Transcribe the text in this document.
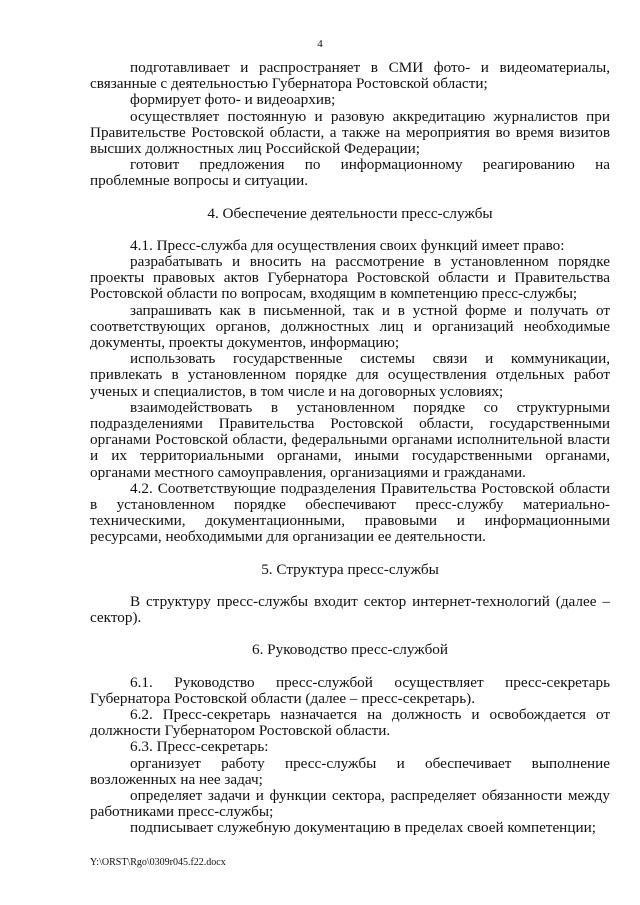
4

подготавливает и распространяет в СМИ фото- и видеоматериалы, связанные с деятельностью Губернатора Ростовской области;

формирует фото- и видеоархив;

осуществляет постоянную и разовую аккредитацию журналистов при Правительстве Ростовской области, а также на мероприятия во время визитов высших должностных лиц Российской Федерации;

готовит предложения по информационному реагированию на проблемные вопросы и ситуации.

4. Обеспечение деятельности пресс-службы

4.1. Пресс-служба для осуществления своих функций имеет право:

разрабатывать и вносить на рассмотрение в установленном порядке проекты правовых актов Губернатора Ростовской области и Правительства Ростовской области по вопросам, входящим в компетенцию пресс-службы;

запрашивать как в письменной, так и в устной форме и получать от соответствующих органов, должностных лиц и организаций необходимые документы, проекты документов, информацию;

использовать государственные системы связи и коммуникации, привлекать в установленном порядке для осуществления отдельных работ ученых и специалистов, в том числе и на договорных условиях;

взаимодействовать в установленном порядке со структурными подразделениями Правительства Ростовской области, государственными органами Ростовской области, федеральными органами исполнительной власти и их территориальными органами, иными государственными органами, органами местного самоуправления, организациями и гражданами.

4.2. Соответствующие подразделения Правительства Ростовской области в установленном порядке обеспечивают пресс-службу материально-техническими, документационными, правовыми и информационными ресурсами, необходимыми для организации ее деятельности.

5. Структура пресс-службы

В структуру пресс-службы входит сектор интернет-технологий (далее – сектор).

6. Руководство пресс-службой

6.1. Руководство пресс-службой осуществляет пресс-секретарь Губернатора Ростовской области (далее – пресс-секретарь).

6.2. Пресс-секретарь назначается на должность и освобождается от должности Губернатором Ростовской области.

6.3. Пресс-секретарь:

организует работу пресс-службы и обеспечивает выполнение возложенных на нее задач;

определяет задачи и функции сектора, распределяет обязанности между работниками пресс-службы;

подписывает служебную документацию в пределах своей компетенции;

Y:\ORST\Rgo\0309r045.f22.docx
